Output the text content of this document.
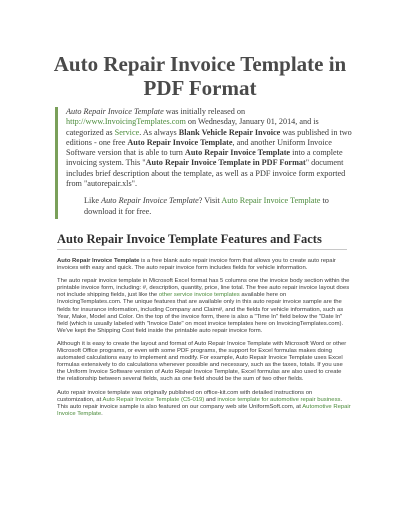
Auto Repair Invoice Template in PDF Format
Auto Repair Invoice Template was initially released on http://www.InvoicingTemplates.com on Wednesday, January 01, 2014, and is categorized as Service. As always Blank Vehicle Repair Invoice was published in two editions - one free Auto Repair Invoice Template, and another Uniform Invoice Software version that is able to turn Auto Repair Invoice Template into a complete invoicing system. This "Auto Repair Invoice Template in PDF Format" document includes brief description about the template, as well as a PDF invoice form exported from "autorepair.xls".
Like Auto Repair Invoice Template? Visit Auto Repair Invoice Template to download it for free.
Auto Repair Invoice Template Features and Facts

Auto Repair Invoice Template is a free blank auto repair invoice form that allows you to create auto repair invoices with easy and quick. The auto repair invoice form includes fields for vehicle information.

The auto repair invoice template in Microsoft Excel format has 5 columns one the invoice body section within the printable invoice form, including: #, description, quantity, price, line total. The free auto repair invoice layout does not include shipping fields, just like the other service invoice templates available here on InvoicingTemplates.com. The unique features that are available only in this auto repair invoice sample are the fields for insurance information, including Company and Claim#, and the fields for vehicle information, such as Year, Make, Model and Color. On the top of the invoice form, there is also a "Time In" field below the "Date In" field (which is usually labeled with "Invoice Date" on most invoice templates here on InvoicingTemplates.com). We've kept the Shipping Cost field inside the printable auto repair invoice form.

Although it is easy to create the layout and format of Auto Repair Invoice Template with Microsoft Word or other Microsoft Office programs, or even with some PDF programs, the support for Excel formulas makes doing automated calculations easy to implement and modify. For example, Auto Repair Invoice Template uses Excel formulas extensively to do calculations whenever possible and necessary, such as the taxes, totals. If you use the Uniform Invoice Software version of Auto Repair Invoice Template, Excel formulas are also used to create the relationship between several fields, such as one field should be the sum of two other fields.

Auto repair invoice template was originally published on office-kit.com with detailed instructions on customization, at Auto Repair Invoice Template (C5-019) and invoice template for automotive repair business. This auto repair invoice sample is also featured on our company web site UniformSoft.com, at Automotive Repair Invoice Template.
